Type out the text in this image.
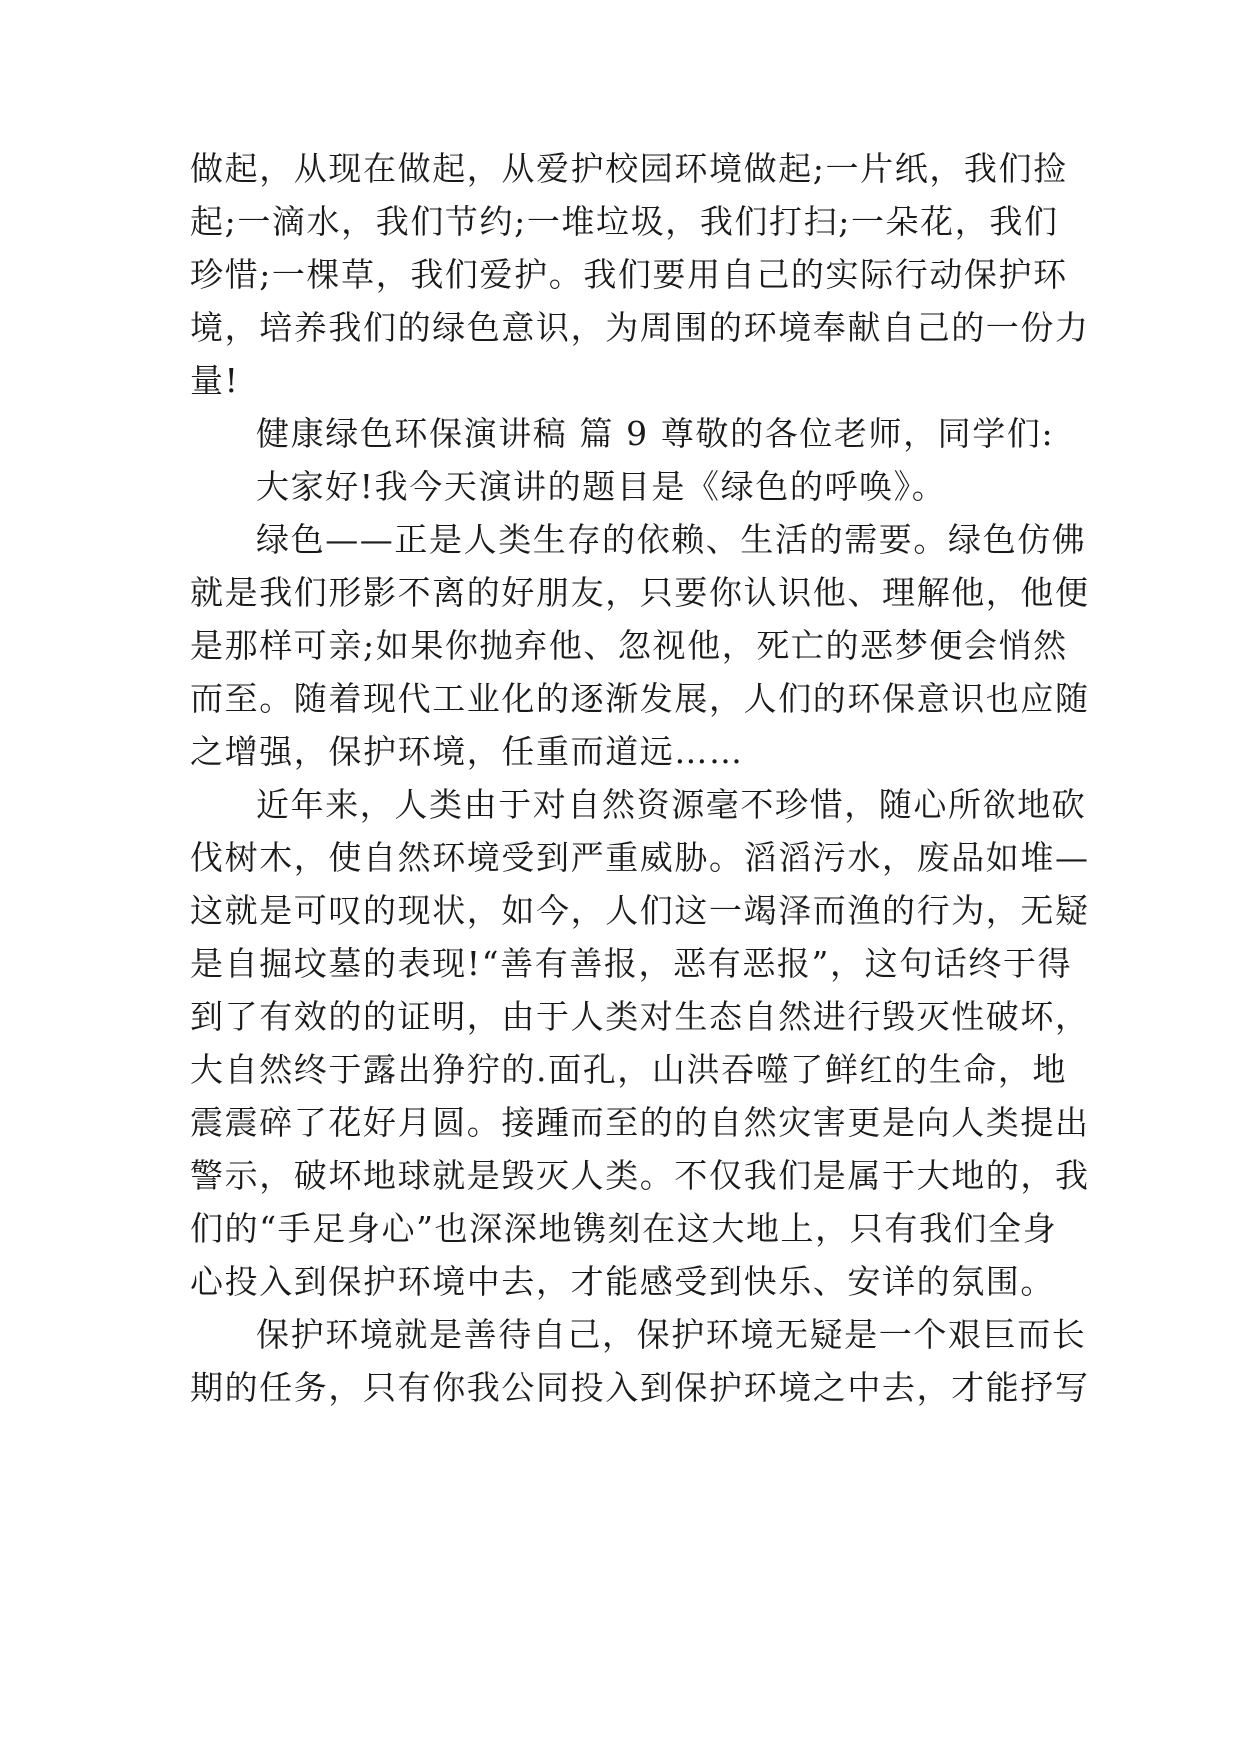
做起，从现在做起，从爱护校园环境做起;一片纸，我们捡
起;一滴水，我们节约;一堆垃圾，我们打扫;一朵花，我们
珍惜;一棵草，我们爱护。我们要用自己的实际行动保护环
境，培养我们的绿色意识，为周围的环境奉献自己的一份力
量!
健康绿色环保演讲稿 篇 9 尊敬的各位老师，同学们:
大家好!我今天演讲的题目是《绿色的呼唤》。
绿色——正是人类生存的依赖、生活的需要。绿色仿佛
就是我们形影不离的好朋友，只要你认识他、理解他，他便
是那样可亲;如果你抛弃他、忽视他，死亡的恶梦便会悄然
而至。随着现代工业化的逐渐发展，人们的环保意识也应随
之增强，保护环境，任重而道远……
近年来，人类由于对自然资源毫不珍惜，随心所欲地砍
伐树木，使自然环境受到严重威胁。滔滔污水，废品如堆—
这就是可叹的现状，如今，人们这一竭泽而渔的行为，无疑
是自掘坟墓的表现!“善有善报，恶有恶报”，这句话终于得
到了有效的的证明，由于人类对生态自然进行毁灭性破坏，
大自然终于露出狰狞的.面孔，山洪吞噬了鲜红的生命，地
震震碎了花好月圆。接踵而至的的自然灾害更是向人类提出
警示，破坏地球就是毁灭人类。不仅我们是属于大地的，我
们的“手足身心”也深深地镌刻在这大地上，只有我们全身
心投入到保护环境中去，才能感受到快乐、安详的氛围。
保护环境就是善待自己，保护环境无疑是一个艰巨而长
期的任务，只有你我公同投入到保护环境之中去，才能抒写
